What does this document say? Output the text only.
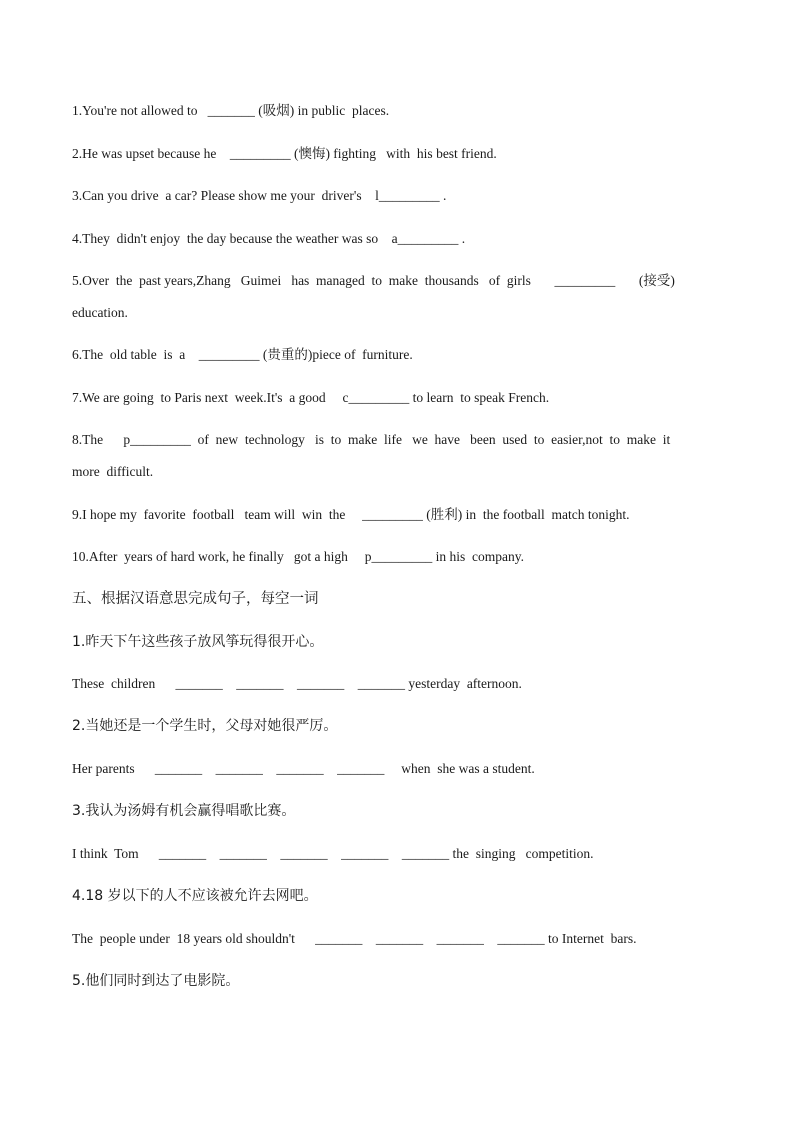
1.You're not allowed to   _______ (吸烟) in public  places.
2.He was upset because he    _________ (懊悔) fighting   with  his best friend.
3.Can you drive  a car? Please show me your  driver's    l_________ .
4.They  didn't enjoy  the day because the weather was so    a_________ .
5.Over  the  past years,Zhang   Guimei   has  managed  to  make  thousands   of  girls       _________       (接受)
education.
6.The  old table  is  a    _________ (贵重的)piece of  furniture.
7.We are going  to Paris next  week.It's  a good     c_________ to learn  to speak French.
8.The      p_________  of  new  technology   is  to  make  life   we  have   been  used  to  easier,not  to  make  it
more  difficult.
9.I hope my  favorite  football   team will  win  the     _________ (胜利) in  the football  match tonight.
10.After  years of hard work, he finally   got a high     p_________ in his  company.
五、根据汉语意思完成句子，每空一词
1.昨天下午这些孩子放风筝玩得很开心。
These  children      _______    _______    _______    _______ yesterday  afternoon.
2.当她还是一个学生时，父母对她很严厉。
Her parents      _______    _______    _______    _______     when  she was a student.
3.我认为汤姆有机会赢得唱歌比赛。
I think  Tom      _______    _______    _______    _______    _______ the  singing   competition.
4.18 岁以下的人不应该被允许去网吧。
The  people under  18 years old shouldn't      _______    _______    _______    _______ to Internet  bars.
5.他们同时到达了电影院。
